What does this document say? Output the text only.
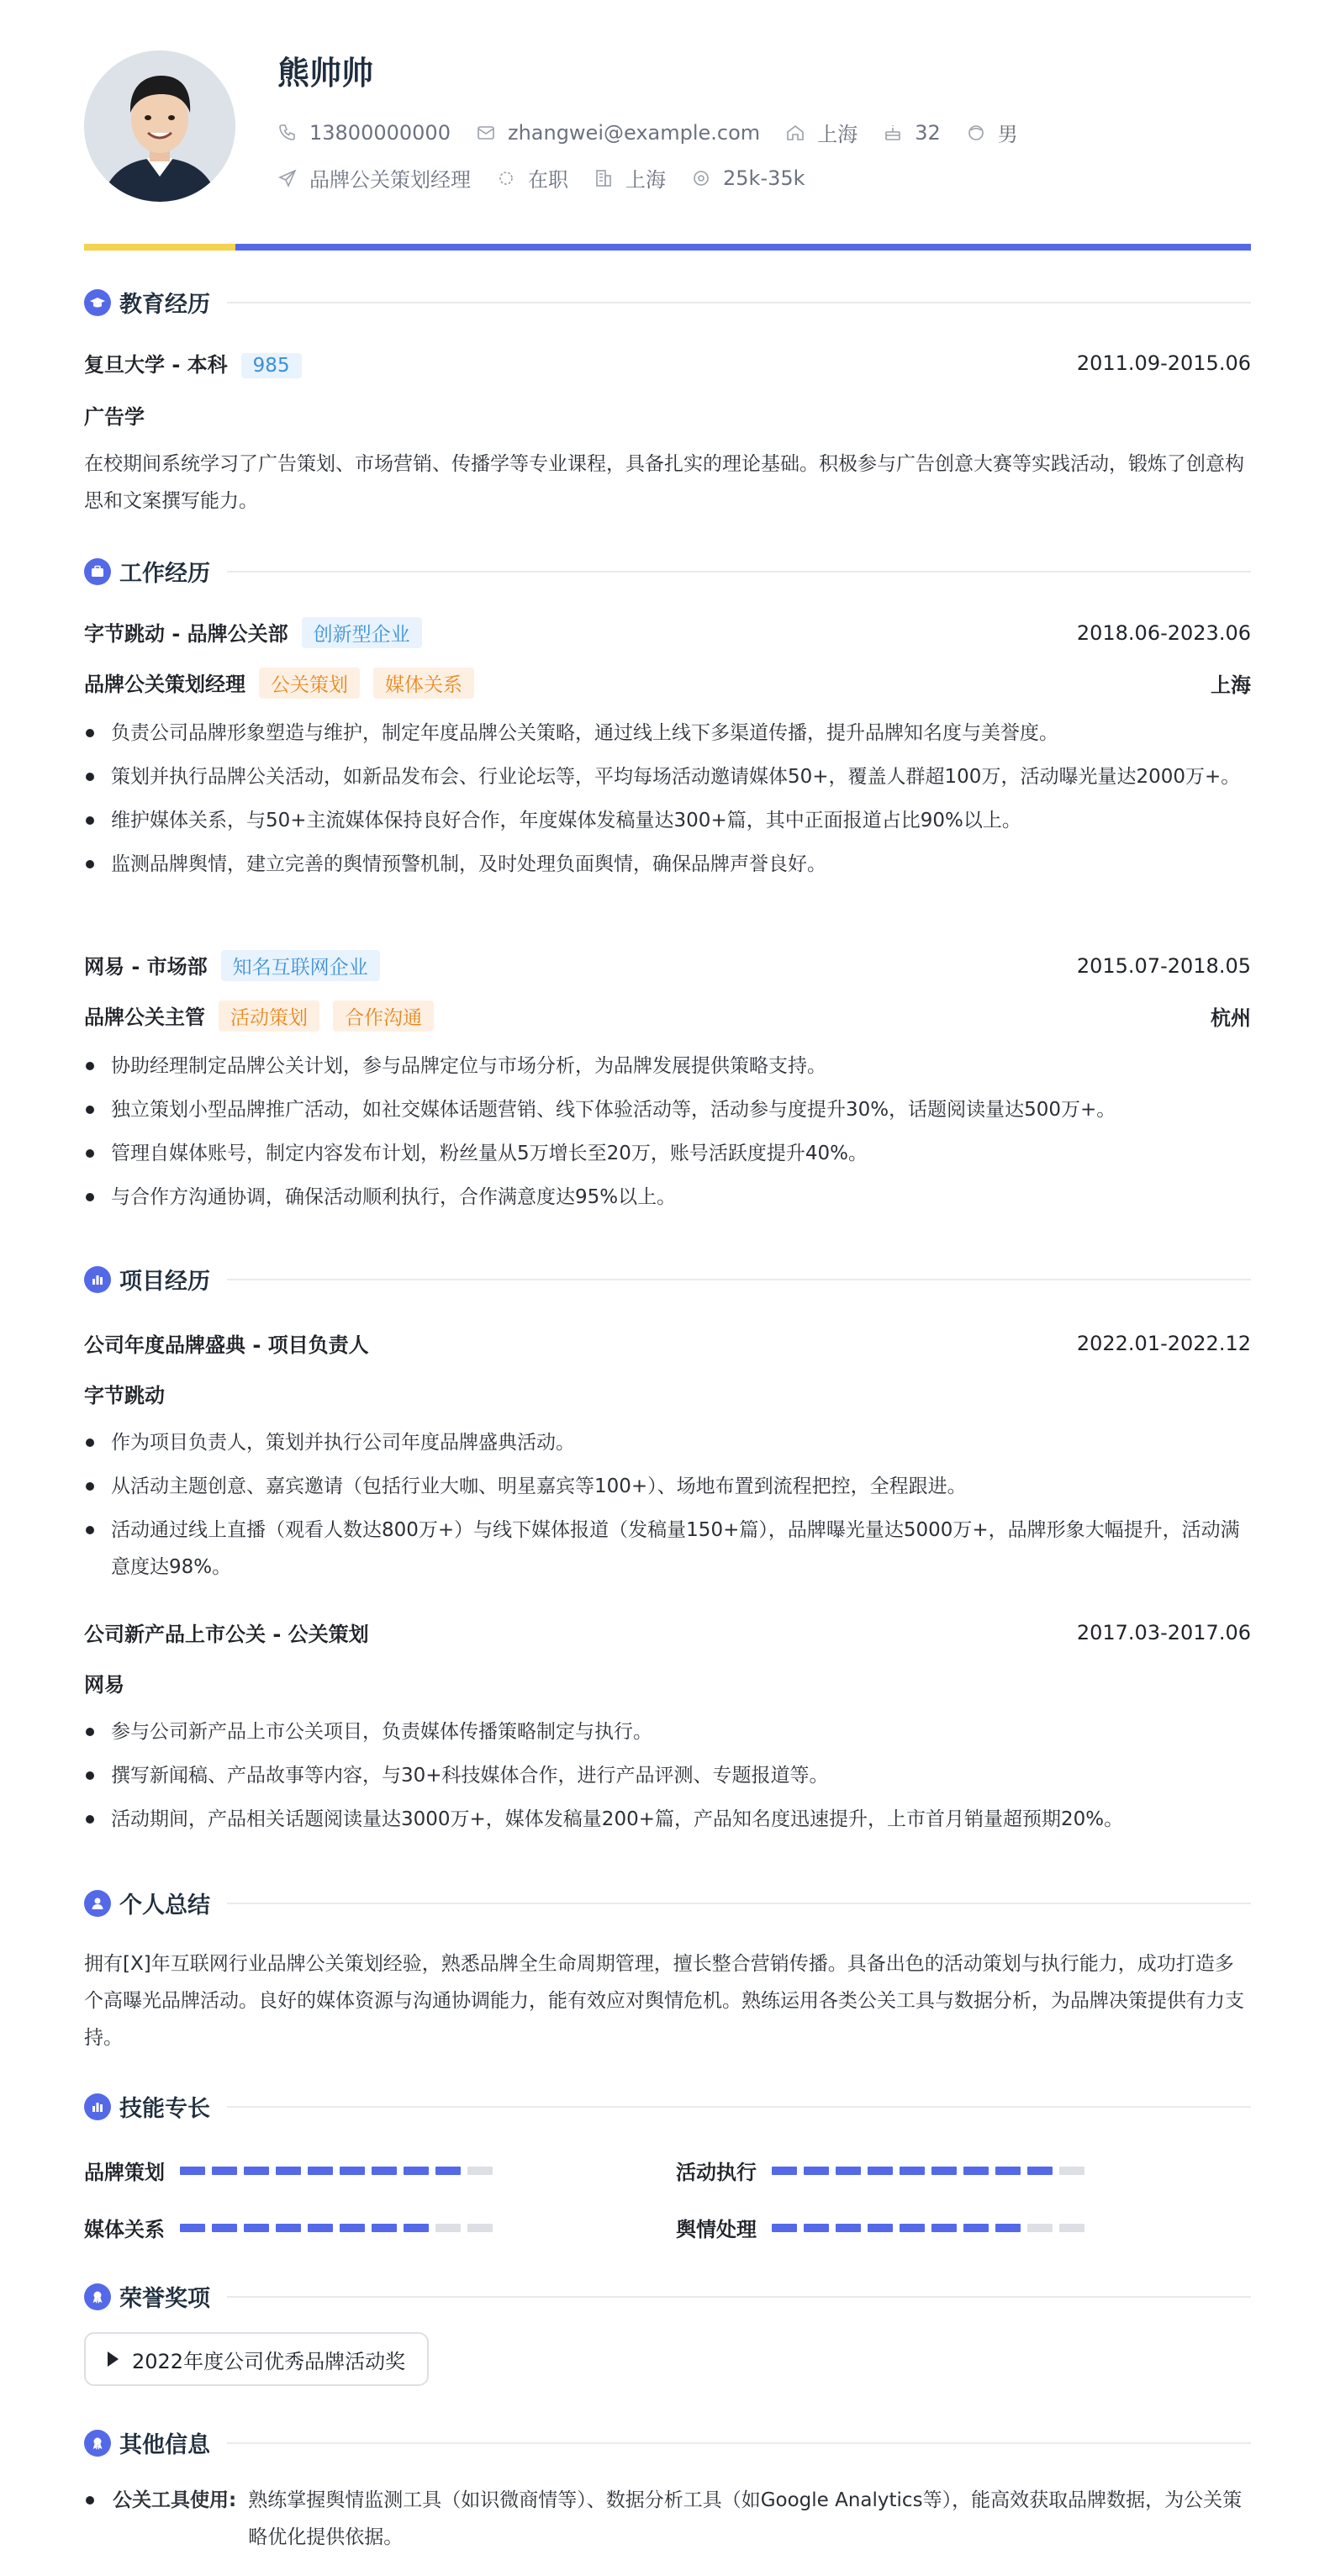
熊帅帅
13800000000	zhangwei@example.com	上海	32	男
品牌公关策划经理	在职	上海	25k-35k
教育经历
复旦大学 - 本科 985	2011.09-2015.06
广告学
在校期间系统学习了广告策划、市场营销、传播学等专业课程，具备扎实的理论基础。积极参与广告创意大赛等实践活动，锻炼了创意构思和文案撰写能力。
工作经历
字节跳动 - 品牌公关部 创新型企业	2018.06-2023.06
品牌公关策划经理 公关策划 媒体关系	上海
负责公司品牌形象塑造与维护，制定年度品牌公关策略，通过线上线下多渠道传播，提升品牌知名度与美誉度。
策划并执行品牌公关活动，如新品发布会、行业论坛等，平均每场活动邀请媒体50+，覆盖人群超100万，活动曝光量达2000万+。
维护媒体关系，与50+主流媒体保持良好合作，年度媒体发稿量达300+篇，其中正面报道占比90%以上。
监测品牌舆情，建立完善的舆情预警机制，及时处理负面舆情，确保品牌声誉良好。
网易 - 市场部 知名互联网企业	2015.07-2018.05
品牌公关主管 活动策划 合作沟通	杭州
协助经理制定品牌公关计划，参与品牌定位与市场分析，为品牌发展提供策略支持。
独立策划小型品牌推广活动，如社交媒体话题营销、线下体验活动等，活动参与度提升30%，话题阅读量达500万+。
管理自媒体账号，制定内容发布计划，粉丝量从5万增长至20万，账号活跃度提升40%。
与合作方沟通协调，确保活动顺利执行，合作满意度达95%以上。
项目经历
公司年度品牌盛典 - 项目负责人	2022.01-2022.12
字节跳动
作为项目负责人，策划并执行公司年度品牌盛典活动。
从活动主题创意、嘉宾邀请（包括行业大咖、明星嘉宾等100+）、场地布置到流程把控，全程跟进。
活动通过线上直播（观看人数达800万+）与线下媒体报道（发稿量150+篇），品牌曝光量达5000万+，品牌形象大幅提升，活动满意度达98%。
公司新产品上市公关 - 公关策划	2017.03-2017.06
网易
参与公司新产品上市公关项目，负责媒体传播策略制定与执行。
撰写新闻稿、产品故事等内容，与30+科技媒体合作，进行产品评测、专题报道等。
活动期间，产品相关话题阅读量达3000万+，媒体发稿量200+篇，产品知名度迅速提升，上市首月销量超预期20%。
个人总结
拥有[X]年互联网行业品牌公关策划经验，熟悉品牌全生命周期管理，擅长整合营销传播。具备出色的活动策划与执行能力，成功打造多个高曝光品牌活动。良好的媒体资源与沟通协调能力，能有效应对舆情危机。熟练运用各类公关工具与数据分析，为品牌决策提供有力支持。
技能专长
品牌策划	活动执行
媒体关系	舆情处理
荣誉奖项
2022年度公司优秀品牌活动奖
其他信息
公关工具使用: 熟练掌握舆情监测工具（如识微商情等）、数据分析工具（如Google Analytics等），能高效获取品牌数据，为公关策略优化提供依据。
